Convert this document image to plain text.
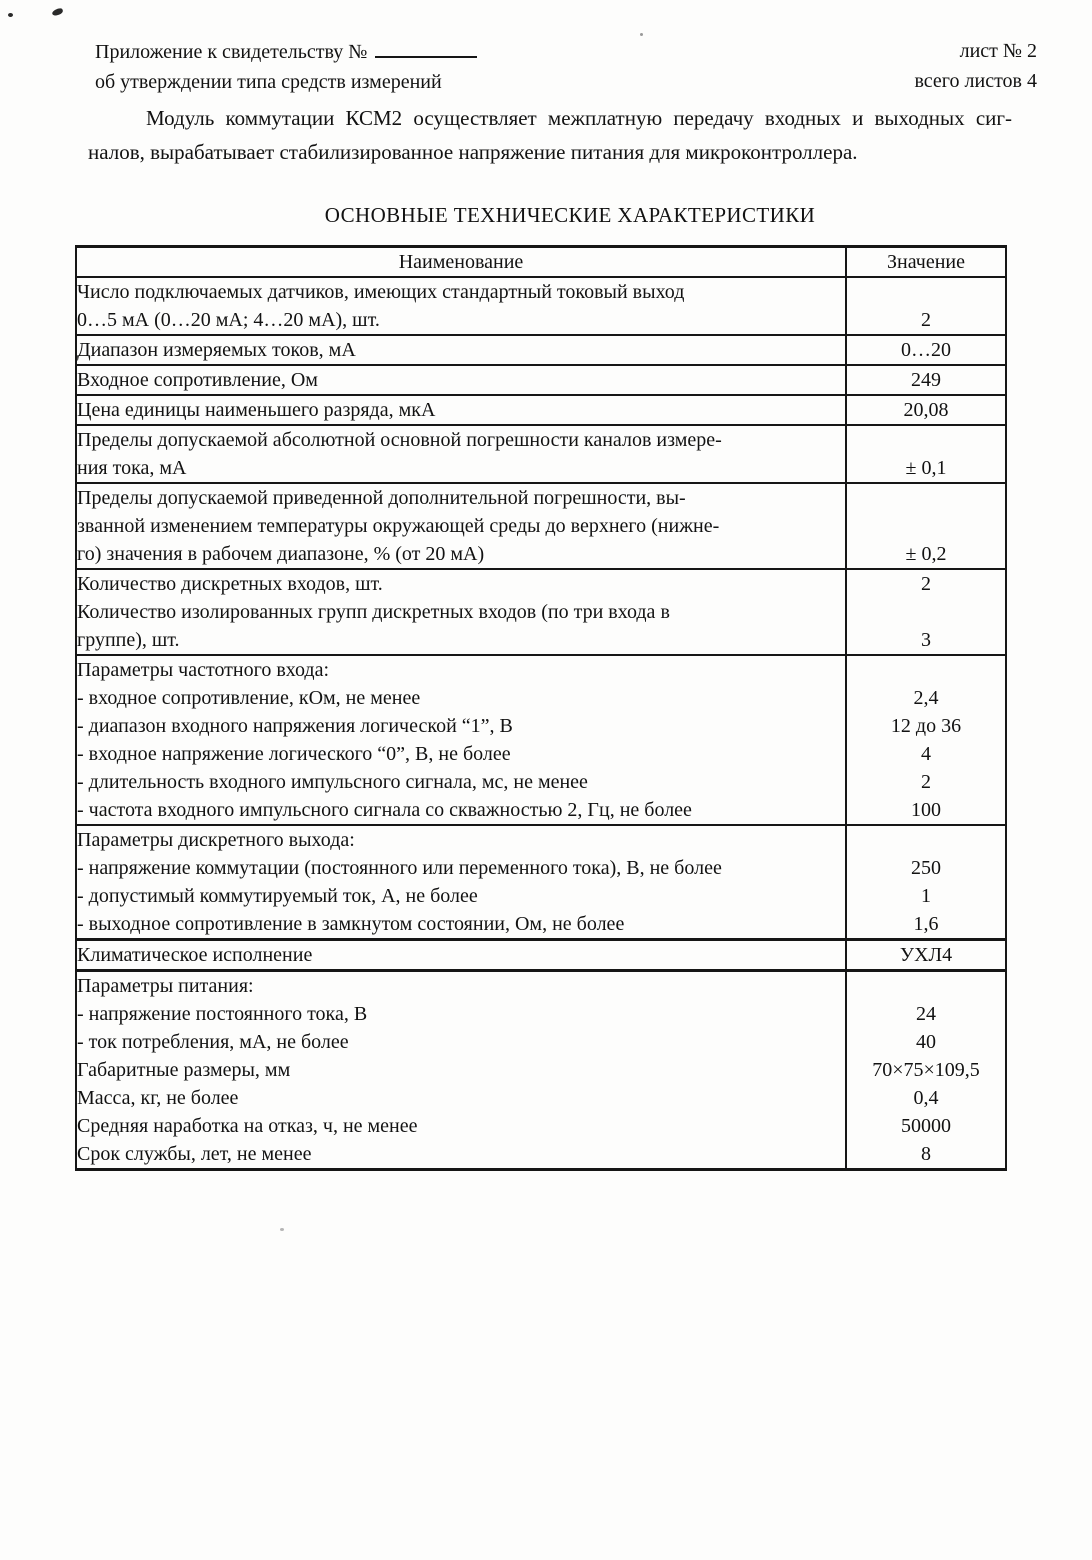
Приложение к свидетельству №
об утверждении типа средств измерений
лист № 2
всего листов 4
Модуль коммутации КСМ2 осуществляет межплатную передачу входных и выходных сиг-
налов, вырабатывает стабилизированное напряжение питания для микроконтроллера.
ОСНОВНЫЕ ТЕХНИЧЕСКИЕ ХАРАКТЕРИСТИКИ
Наименование	Значение
Число подключаемых датчиков, имеющих стандартный токовый выход	
0…5 мА (0…20 мА; 4…20 мА), шт.	2
Диапазон измеряемых токов, мА	0…20
Входное сопротивление, Ом	249
Цена единицы наименьшего разряда, мкА	20,08
Пределы допускаемой абсолютной основной погрешности каналов измере-	
ния тока, мА	± 0,1
Пределы допускаемой приведенной дополнительной погрешности, вы-	
званной изменением температуры окружающей среды до верхнего (нижне-	
го) значения в рабочем диапазоне, % (от 20 мА)	± 0,2
Количество дискретных входов, шт.	2
Количество изолированных групп дискретных входов (по три входа в	
группе), шт.	3
Параметры частотного входа:	
- входное сопротивление, кОм, не менее	2,4
- диапазон входного напряжения логической “1”, В	12 до 36
- входное напряжение логического “0”, В, не более	4
- длительность входного импульсного сигнала, мс, не менее	2
- частота входного импульсного сигнала со скважностью 2, Гц, не более	100
Параметры дискретного выхода:	
- напряжение коммутации (постоянного или переменного тока), В, не более	250
- допустимый коммутируемый ток, А, не более	1
- выходное сопротивление в замкнутом состоянии, Ом, не более	1,6
Климатическое исполнение	УХЛ4
Параметры питания:	
- напряжение постоянного тока, В	24
- ток потребления, мА, не более	40
Габаритные размеры, мм	70×75×109,5
Масса, кг, не более	0,4
Средняя наработка на отказ, ч, не менее	50000
Срок службы, лет, не менее	8
